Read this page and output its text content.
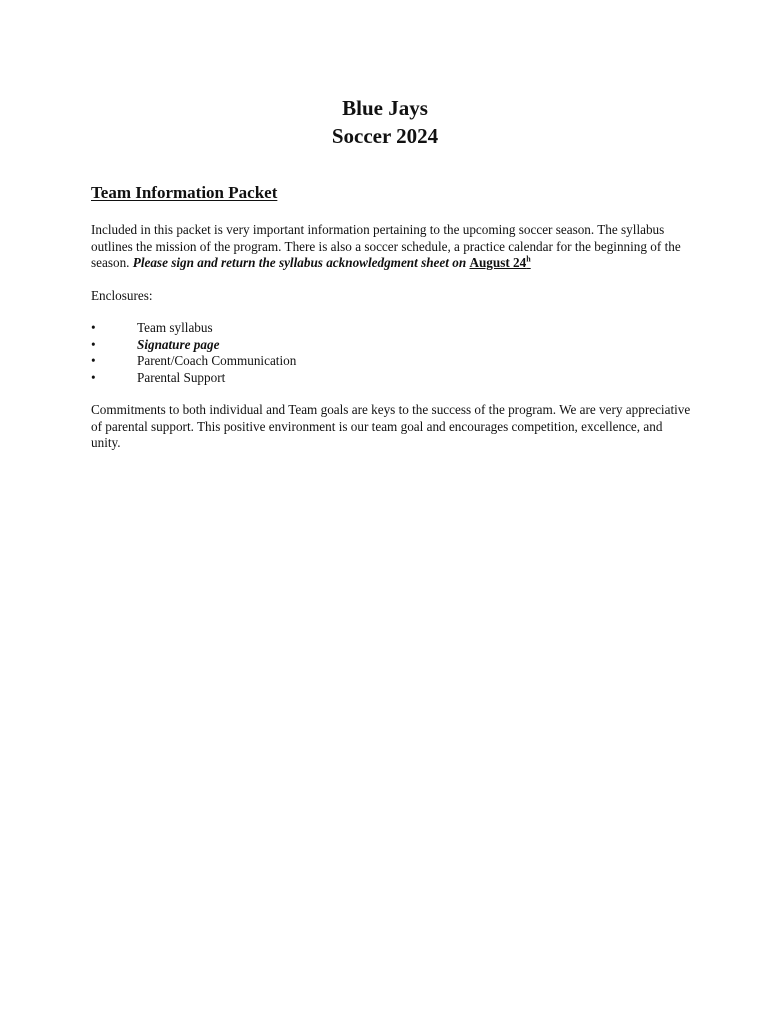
Blue Jays
Soccer 2024
Team Information Packet
Included in this packet is very important information pertaining to the upcoming soccer season. The syllabus outlines the mission of the program. There is also a soccer schedule, a practice calendar for the beginning of the season. Please sign and return the syllabus acknowledgment sheet on August 24$^h$
Enclosures:
•	Team syllabus
•	Signature page
•	Parent/Coach Communication
•	Parental Support
Commitments to both individual and Team goals are keys to the success of the program. We are very appreciative of parental support. This positive environment is our team goal and encourages competition, excellence, and unity.
